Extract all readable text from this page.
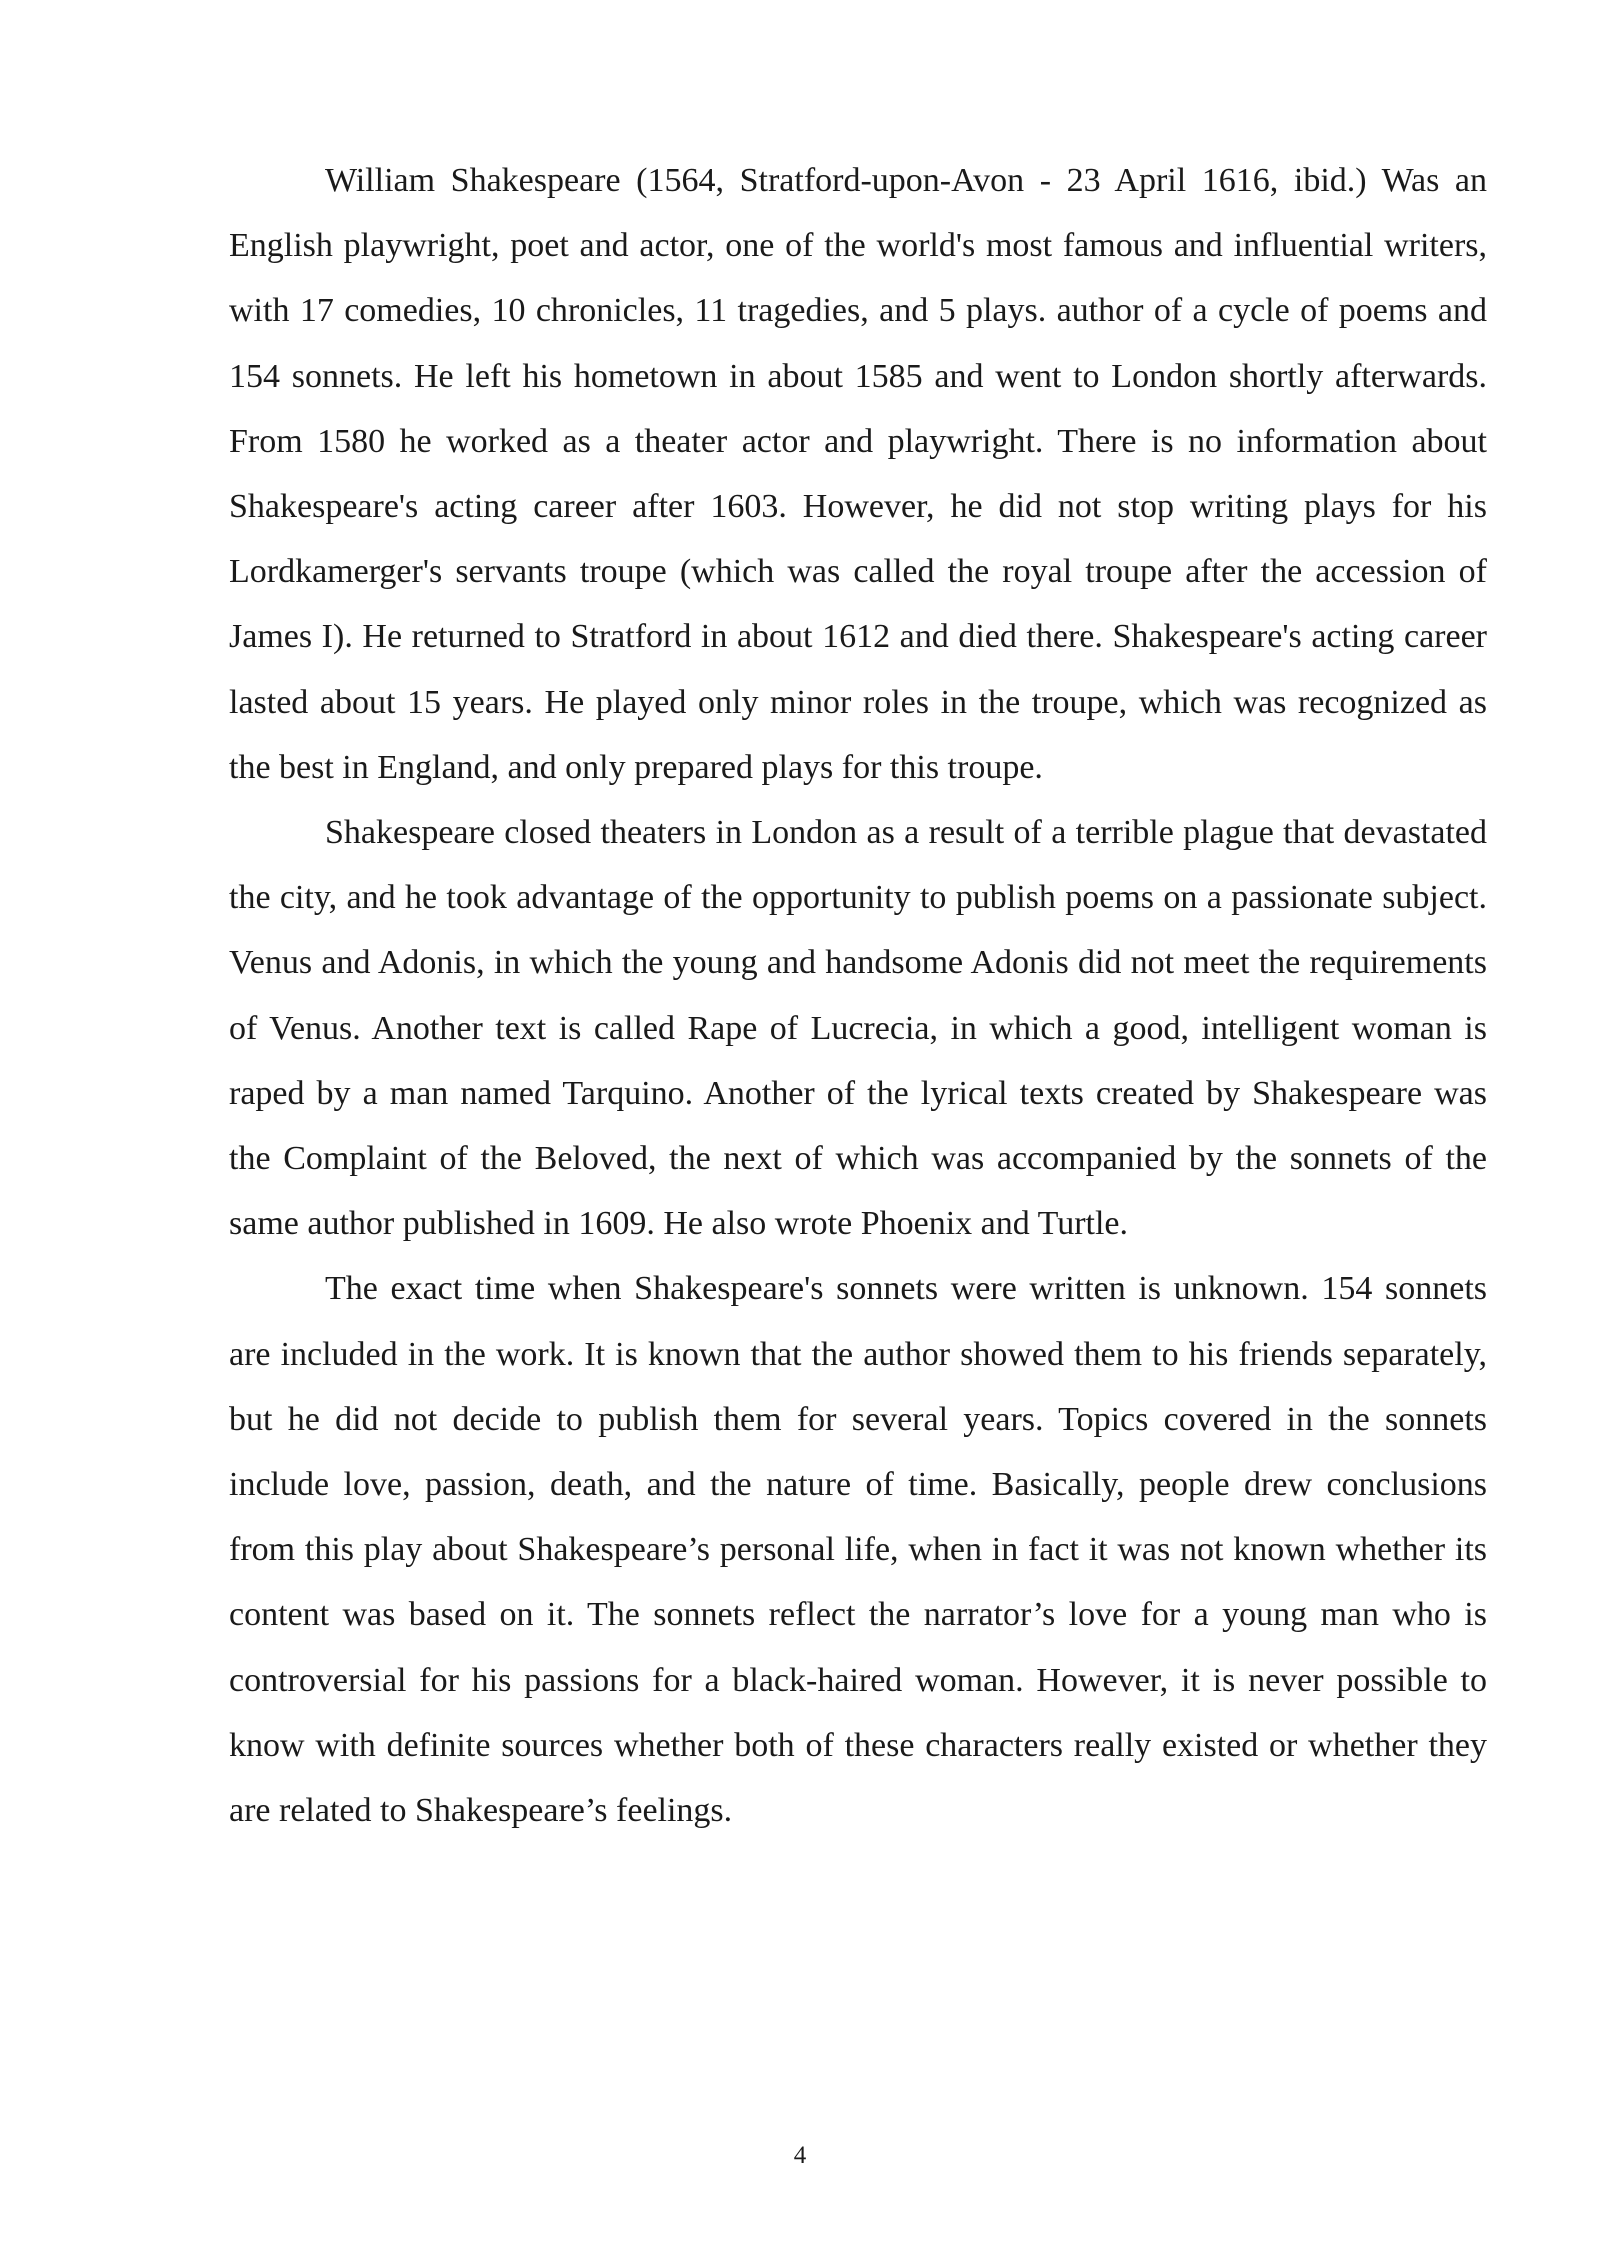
William Shakespeare (1564, Stratford-upon-Avon - 23 April 1616, ibid.) Was an English playwright, poet and actor, one of the world's most famous and influential writers, with 17 comedies, 10 chronicles, 11 tragedies, and 5 plays. author of a cycle of poems and 154 sonnets. He left his hometown in about 1585 and went to London shortly afterwards. From 1580 he worked as a theater actor and playwright. There is no information about Shakespeare's acting career after 1603. However, he did not stop writing plays for his Lordkamerger's servants troupe (which was called the royal troupe after the accession of James I). He returned to Stratford in about 1612 and died there. Shakespeare's acting career lasted about 15 years. He played only minor roles in the troupe, which was recognized as the best in England, and only prepared plays for this troupe.

Shakespeare closed theaters in London as a result of a terrible plague that devastated the city, and he took advantage of the opportunity to publish poems on a passionate subject. Venus and Adonis, in which the young and handsome Adonis did not meet the requirements of Venus. Another text is called Rape of Lucrecia, in which a good, intelligent woman is raped by a man named Tarquino. Another of the lyrical texts created by Shakespeare was the Complaint of the Beloved, the next of which was accompanied by the sonnets of the same author published in 1609. He also wrote Phoenix and Turtle.

The exact time when Shakespeare's sonnets were written is unknown. 154 sonnets are included in the work. It is known that the author showed them to his friends separately, but he did not decide to publish them for several years. Topics covered in the sonnets include love, passion, death, and the nature of time. Basically, people drew conclusions from this play about Shakespeare’s personal life, when in fact it was not known whether its content was based on it. The sonnets reflect the narrator’s love for a young man who is controversial for his passions for a black-haired woman. However, it is never possible to know with definite sources whether both of these characters really existed or whether they are related to Shakespeare’s feelings.

4
